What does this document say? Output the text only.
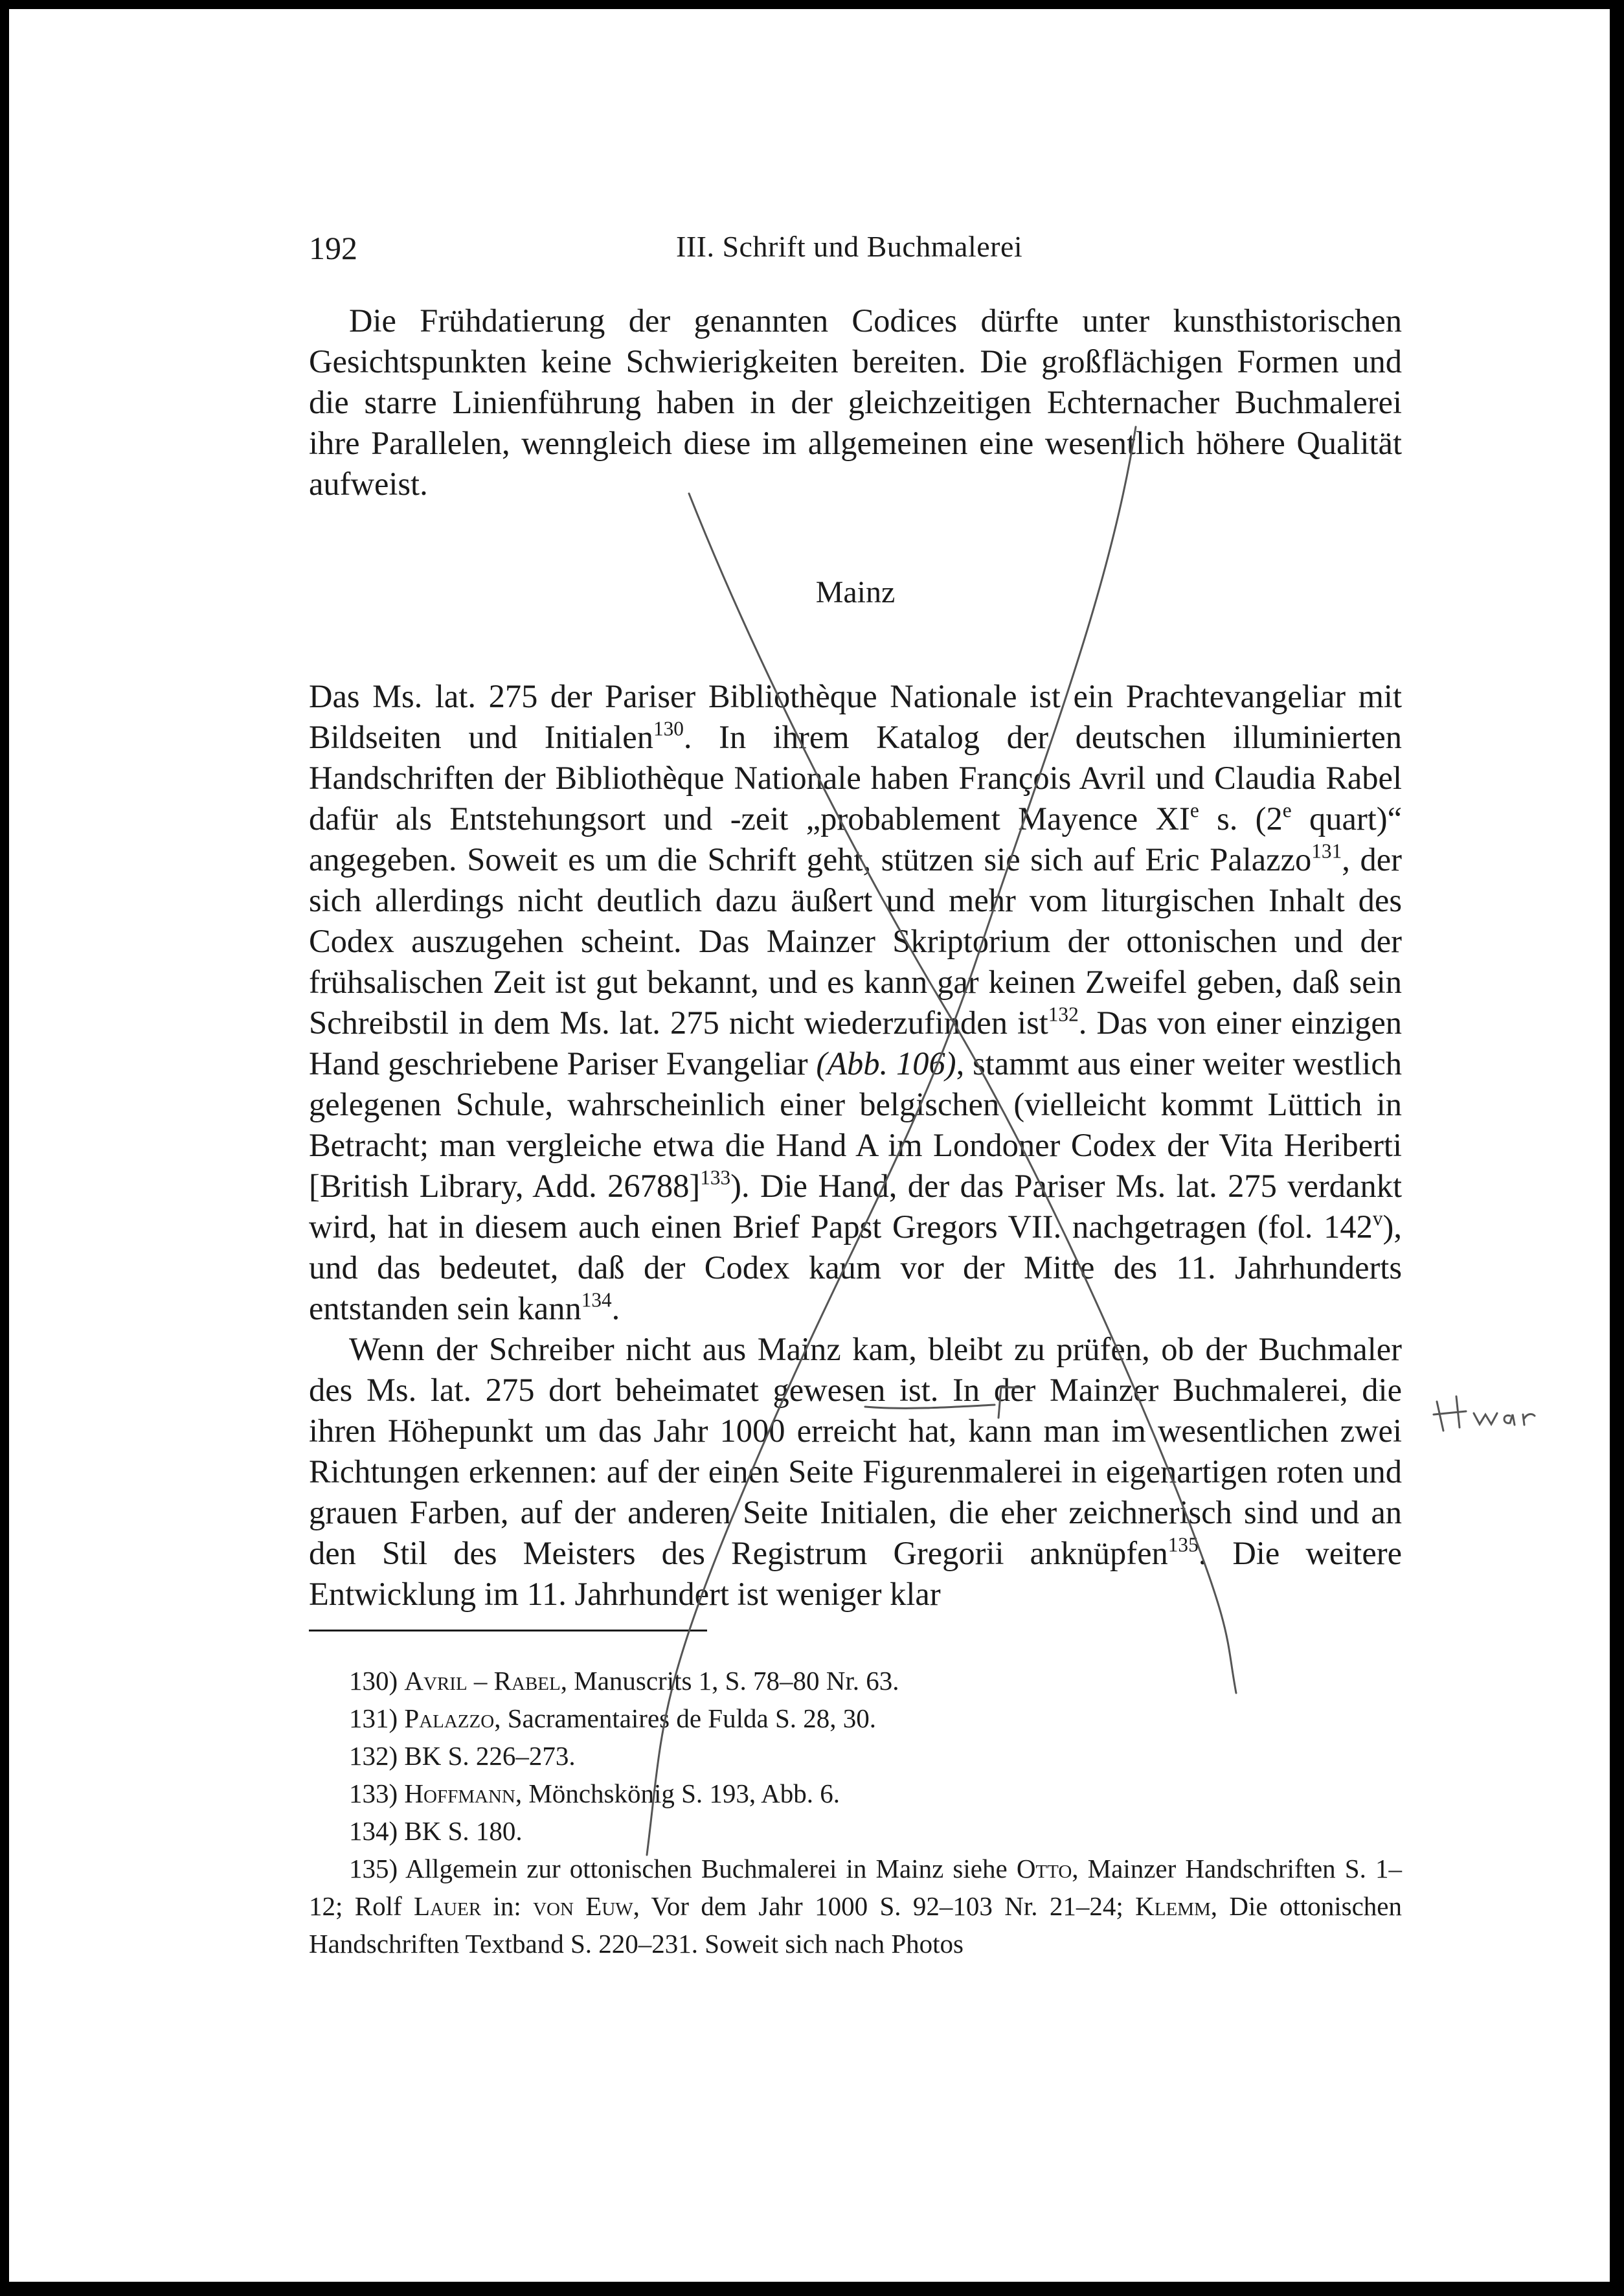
192	III. Schrift und Buchmalerei

Die Frühdatierung der genannten Codices dürfte unter kunsthistorischen Gesichtspunkten keine Schwierigkeiten bereiten. Die großflächigen Formen und die starre Linienführung haben in der gleichzeitigen Echternacher Buchmalerei ihre Parallelen, wenngleich diese im allgemeinen eine wesentlich höhere Qualität aufweist.

Mainz

Das Ms. lat. 275 der Pariser Bibliothèque Nationale ist ein Prachtevangeliar mit Bildseiten und Initialen$^{130}$. In ihrem Katalog der deutschen illuminierten Handschriften der Bibliothèque Nationale haben François Avril und Claudia Rabel dafür als Entstehungsort und -zeit „probablement Mayence XIe s. (2e quart)“ angegeben. Soweit es um die Schrift geht, stützen sie sich auf Eric Palazzo$^{131}$, der sich allerdings nicht deutlich dazu äußert und mehr vom liturgischen Inhalt des Codex auszugehen scheint. Das Mainzer Skriptorium der ottonischen und der frühsalischen Zeit ist gut bekannt, und es kann gar keinen Zweifel geben, daß sein Schreibstil in dem Ms. lat. 275 nicht wiederzufinden ist$^{132}$. Das von einer einzigen Hand geschriebene Pariser Evangeliar (Abb. 106), stammt aus einer weiter westlich gelegenen Schule, wahrscheinlich einer belgischen (vielleicht kommt Lüttich in Betracht; man vergleiche etwa die Hand A im Londoner Codex der Vita Heriberti [British Library, Add. 26788]$^{133}$). Die Hand, der das Pariser Ms. lat. 275 verdankt wird, hat in diesem auch einen Brief Papst Gregors VII. nachgetragen (fol. 142$^v$), und das bedeutet, daß der Codex kaum vor der Mitte des 11. Jahrhunderts entstanden sein kann$^{134}$.

Wenn der Schreiber nicht aus Mainz kam, bleibt zu prüfen, ob der Buchmaler des Ms. lat. 275 dort beheimatet gewesen ist. In der Mainzer Buchmalerei, die ihren Höhepunkt um das Jahr 1000 erreicht hat, kann man im wesentlichen zwei Richtungen erkennen: auf der einen Seite Figurenmalerei in eigenartigen roten und grauen Farben, auf der anderen Seite Initialen, die eher zeichnerisch sind und an den Stil des Meisters des Registrum Gregorii anknüpfen$^{135}$. Die weitere Entwicklung im 11. Jahrhundert ist weniger klar

130) Avril – Rabel, Manuscrits 1, S. 78–80 Nr. 63.

131) Palazzo, Sacramentaires de Fulda S. 28, 30.

132) BK S. 226–273.

133) Hoffmann, Mönchskönig S. 193, Abb. 6.

134) BK S. 180.

135) Allgemein zur ottonischen Buchmalerei in Mainz siehe Otto, Mainzer Handschriften S. 1–12; Rolf Lauer in: von Euw, Vor dem Jahr 1000 S. 92–103 Nr. 21–24; Klemm, Die ottonischen Handschriften Textband S. 220–231. Soweit sich nach Photos
